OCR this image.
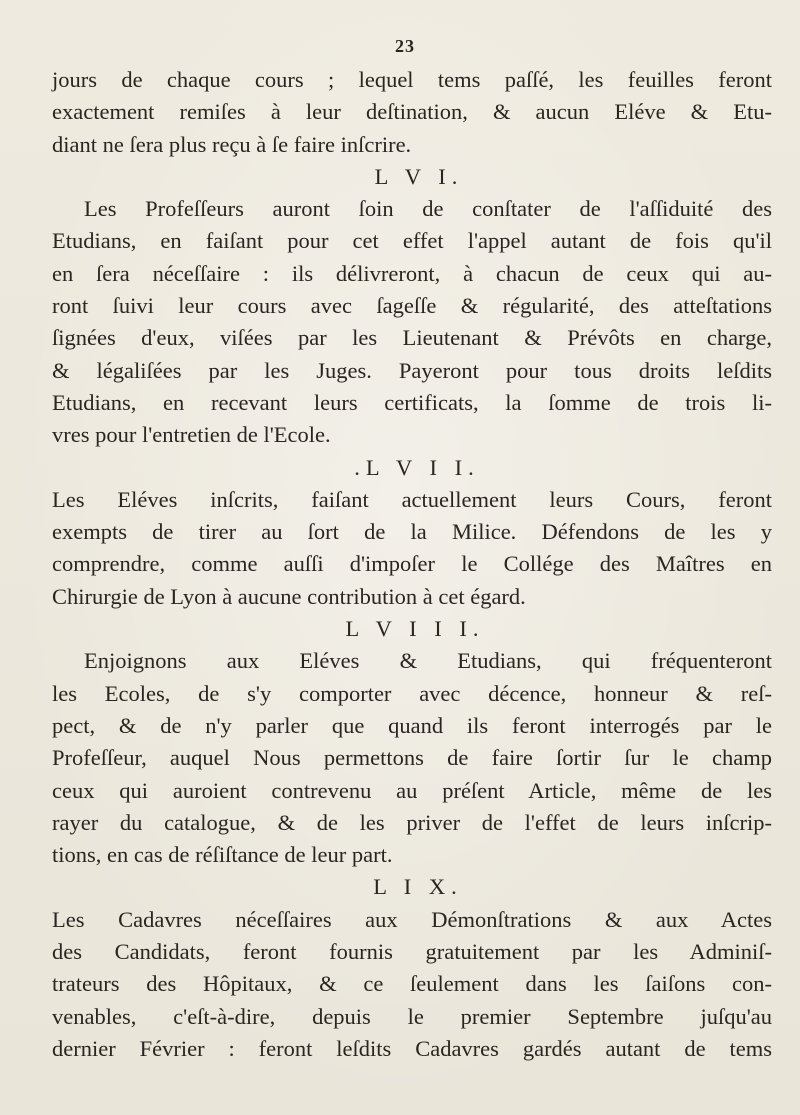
23
jours de chaque cours ; lequel tems paſſé, les feuilles feront
exactement remiſes à leur deſtination, & aucun Eléve & Etu-
diant ne ſera plus reçu à ſe faire inſcrire.
L V I.
Les Profeſſeurs auront ſoin de conſtater de l'aſſiduité des
Etudians, en faiſant pour cet effet l'appel autant de fois qu'il
en ſera néceſſaire : ils délivreront, à chacun de ceux qui au-
ront ſuivi leur cours avec ſageſſe & régularité, des atteſtations
ſignées d'eux, viſées par les Lieutenant & Prévôts en charge,
& légaliſées par les Juges. Payeront pour tous droits leſdits
Etudians, en recevant leurs certificats, la ſomme de trois li-
vres pour l'entretien de l'Ecole.
.L V I I.
Les Eléves inſcrits, faiſant actuellement leurs Cours, feront
exempts de tirer au ſort de la Milice. Défendons de les y
comprendre, comme auſſi d'impoſer le Collége des Maîtres en
Chirurgie de Lyon à aucune contribution à cet égard.
L V I I I.
Enjoignons aux Eléves & Etudians, qui fréquenteront
les Ecoles, de s'y comporter avec décence, honneur & reſ-
pect, & de n'y parler que quand ils feront interrogés par le
Profeſſeur, auquel Nous permettons de faire ſortir ſur le champ
ceux qui auroient contrevenu au préſent Article, même de les
rayer du catalogue, & de les priver de l'effet de leurs inſcrip-
tions, en cas de réſiſtance de leur part.
L I X.
Les Cadavres néceſſaires aux Démonſtrations & aux Actes
des Candidats, feront fournis gratuitement par les Adminiſ-
trateurs des Hôpitaux, & ce ſeulement dans les ſaiſons con-
venables, c'eſt-à-dire, depuis le premier Septembre juſqu'au
dernier Février : feront leſdits Cadavres gardés autant de tems
